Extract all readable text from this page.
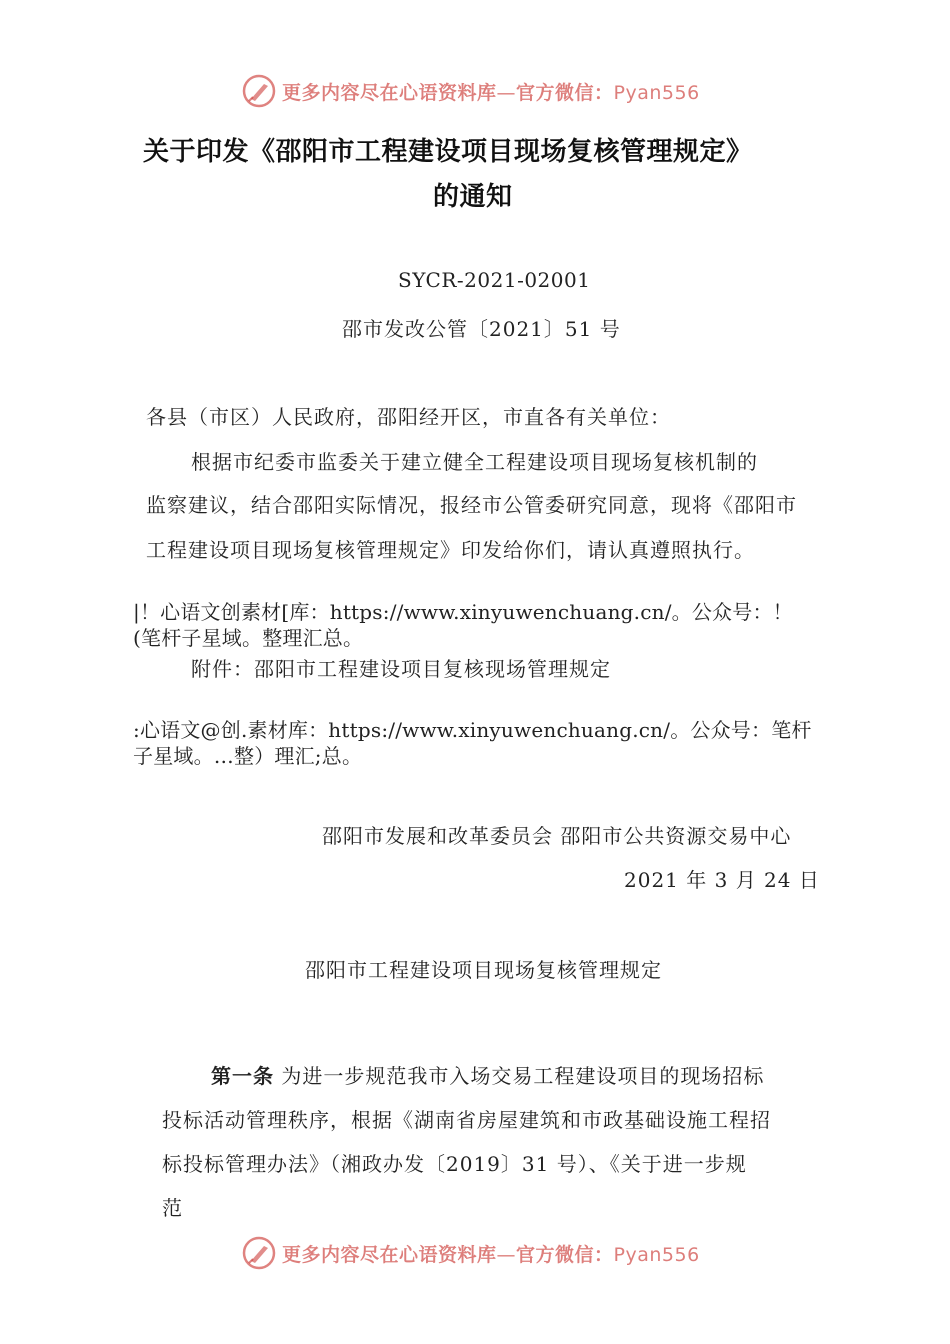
更多内容尽在心语资料库—官方微信：Pyan556
关于印发《邵阳市工程建设项目现场复核管理规定》
的通知
SYCR-2021-02001
邵市发改公管〔2021〕51 号
各县（市区）人民政府，邵阳经开区，市直各有关单位：
根据市纪委市监委关于建立健全工程建设项目现场复核机制的
监察建议，结合邵阳实际情况，报经市公管委研究同意，现将《邵阳市
工程建设项目现场复核管理规定》印发给你们，请认真遵照执行。
|！心语文创素材[库：https://www.xinyuwenchuang.cn/。公众号：！
(笔杆子星域。整理汇总。
附件：邵阳市工程建设项目复核现场管理规定
:心语文@创.素材库：https://www.xinyuwenchuang.cn/。公众号：笔杆
子星域。…整）理汇;总。
邵阳市发展和改革委员会 邵阳市公共资源交易中心
2021 年 3 月 24 日
邵阳市工程建设项目现场复核管理规定
第一条 为进一步规范我市入场交易工程建设项目的现场招标
投标活动管理秩序，根据《湖南省房屋建筑和市政基础设施工程招
标投标管理办法》（湘政办发〔2019〕31 号）、《关于进一步规
范
更多内容尽在心语资料库—官方微信：Pyan556
